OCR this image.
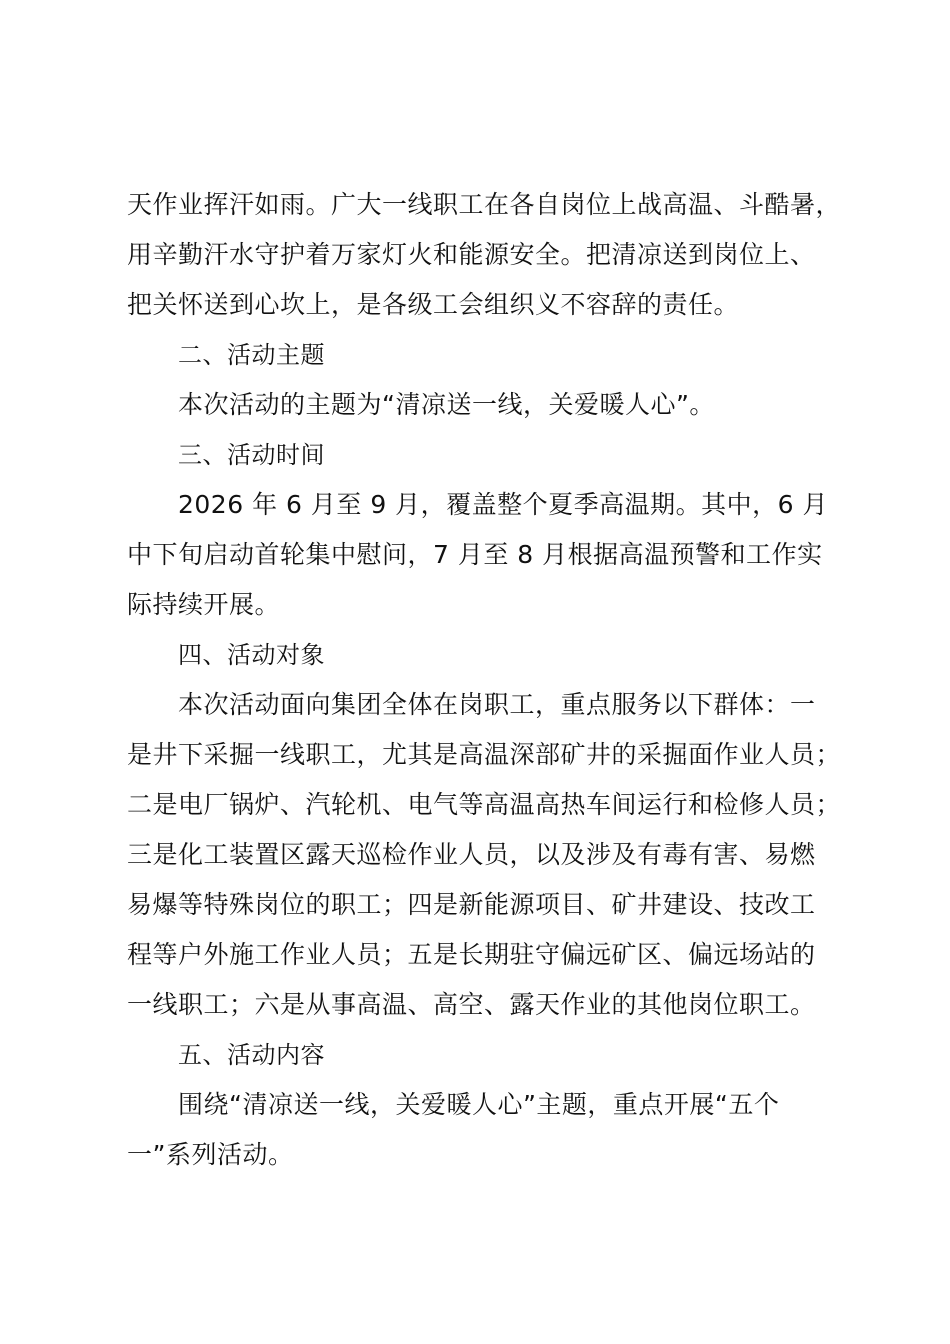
天作业挥汗如雨。广大一线职工在各自岗位上战高温、斗酷暑，
用辛勤汗水守护着万家灯火和能源安全。把清凉送到岗位上、
把关怀送到心坎上，是各级工会组织义不容辞的责任。
二、活动主题
本次活动的主题为“清凉送一线，关爱暖人心”。
三、活动时间
2026 年 6 月至 9 月，覆盖整个夏季高温期。其中，6 月
中下旬启动首轮集中慰问，7 月至 8 月根据高温预警和工作实
际持续开展。
四、活动对象
本次活动面向集团全体在岗职工，重点服务以下群体：一
是井下采掘一线职工，尤其是高温深部矿井的采掘面作业人员；
二是电厂锅炉、汽轮机、电气等高温高热车间运行和检修人员；
三是化工装置区露天巡检作业人员，以及涉及有毒有害、易燃
易爆等特殊岗位的职工；四是新能源项目、矿井建设、技改工
程等户外施工作业人员；五是长期驻守偏远矿区、偏远场站的
一线职工；六是从事高温、高空、露天作业的其他岗位职工。
五、活动内容
围绕“清凉送一线，关爱暖人心”主题，重点开展“五个
一”系列活动。
